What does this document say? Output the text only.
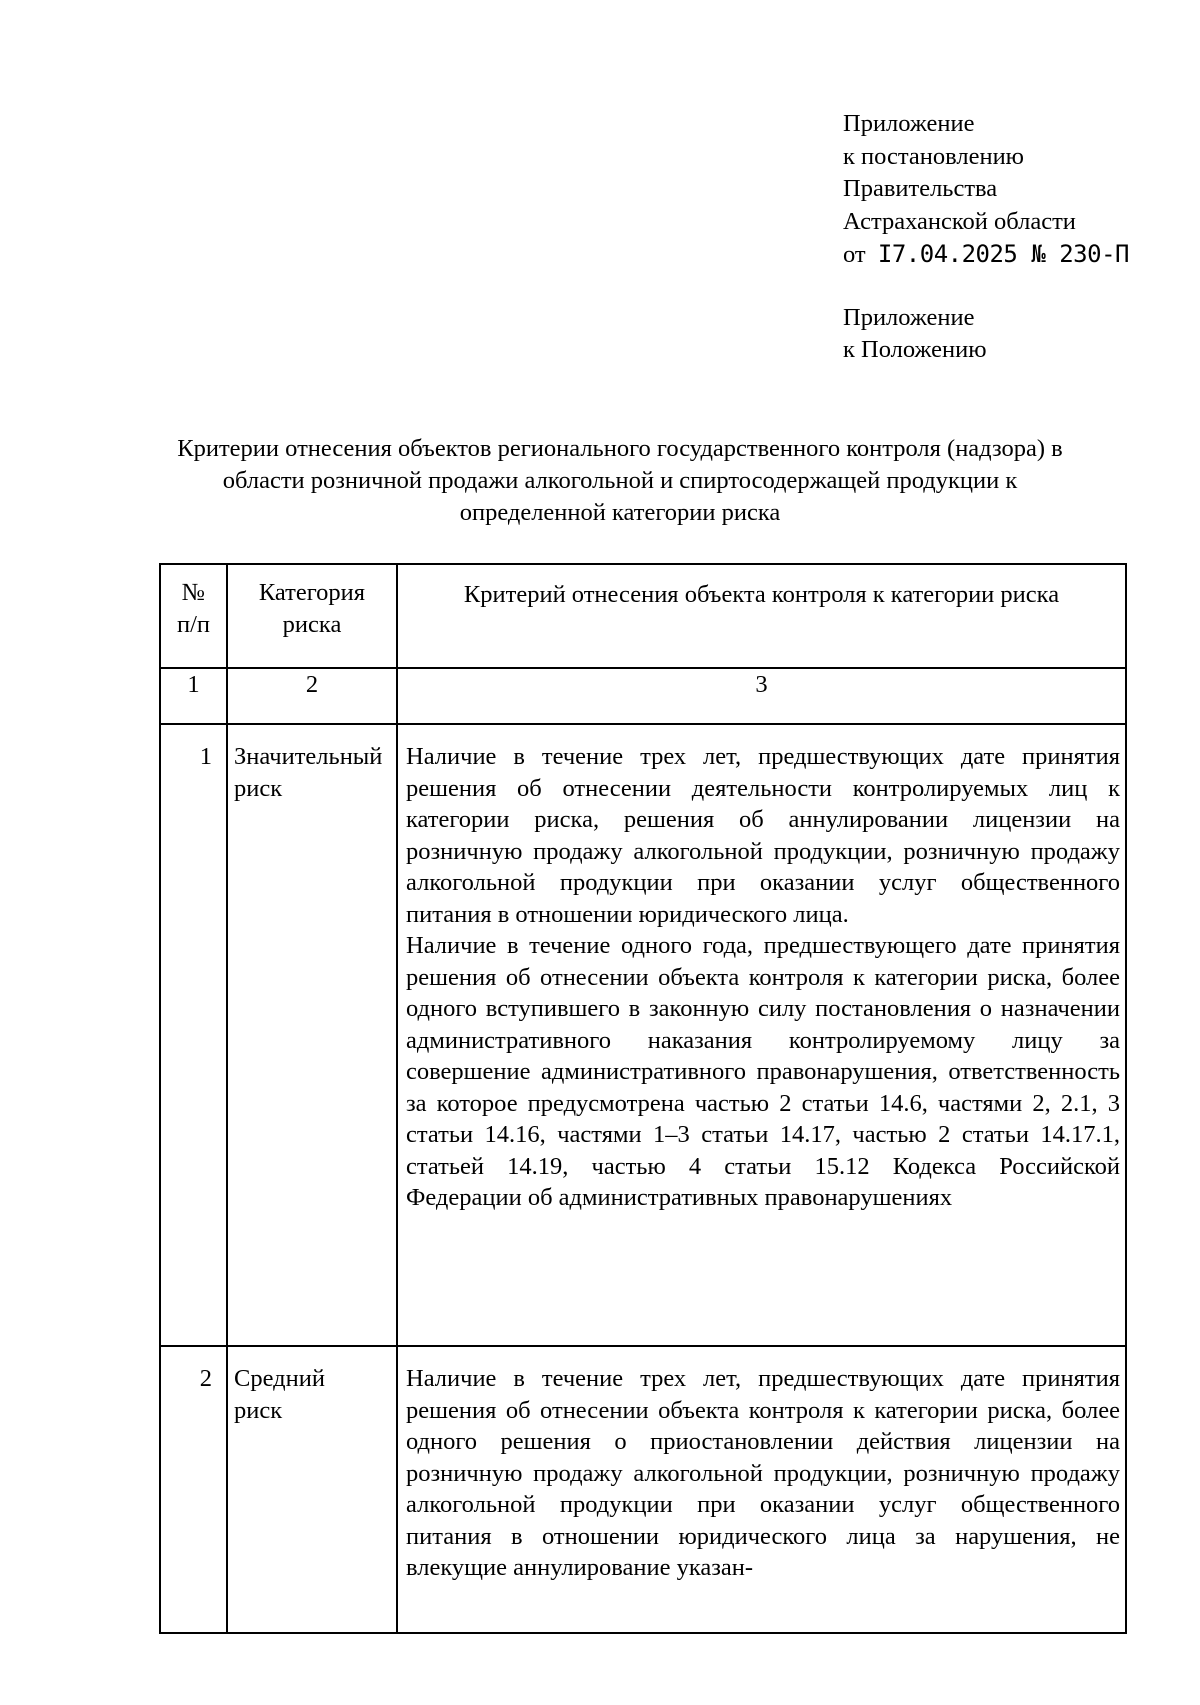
Приложение
к постановлению
Правительства
Астраханской области
от I7.04.2025 № 230-П
Приложение
к Положению
Критерии отнесения объектов регионального государственного контроля (надзора) в области розничной продажи алкогольной и спиртосодержащей продукции к определенной категории риска
№ п/п	Категория риска	Критерий отнесения объекта контроля к категории риска
1	2	3
1	Значительный риск	Наличие в течение трех лет, предшествующих дате принятия решения об отнесении деятельности контролируемых лиц к категории риска, решения об аннулировании лицензии на розничную продажу алкогольной продукции, розничную продажу алкогольной продукции при оказании услуг общественного питания в отношении юридического лица.

Наличие в течение одного года, предшествующего дате принятия решения об отнесении объекта контроля к категории риска, более одного вступившего в законную силу постановления о назначении административного наказания контролируемому лицу за совершение административного правонарушения, ответственность за которое предусмотрена частью 2 статьи 14.6, частями 2, 2.1, 3 статьи 14.16, частями 1–3 статьи 14.17, частью 2 статьи 14.17.1, статьей 14.19, частью 4 статьи 15.12 Кодекса Российской Федерации об административных правонарушениях

2	Средний риск	Наличие в течение трех лет, предшествующих дате принятия решения об отнесении объекта контроля к категории риска, более одного решения о приостановлении действия лицензии на розничную продажу алкогольной продукции, розничную продажу алкогольной продукции при оказании услуг общественного питания в отношении юридического лица за нарушения, не влекущие аннулирование указан-
